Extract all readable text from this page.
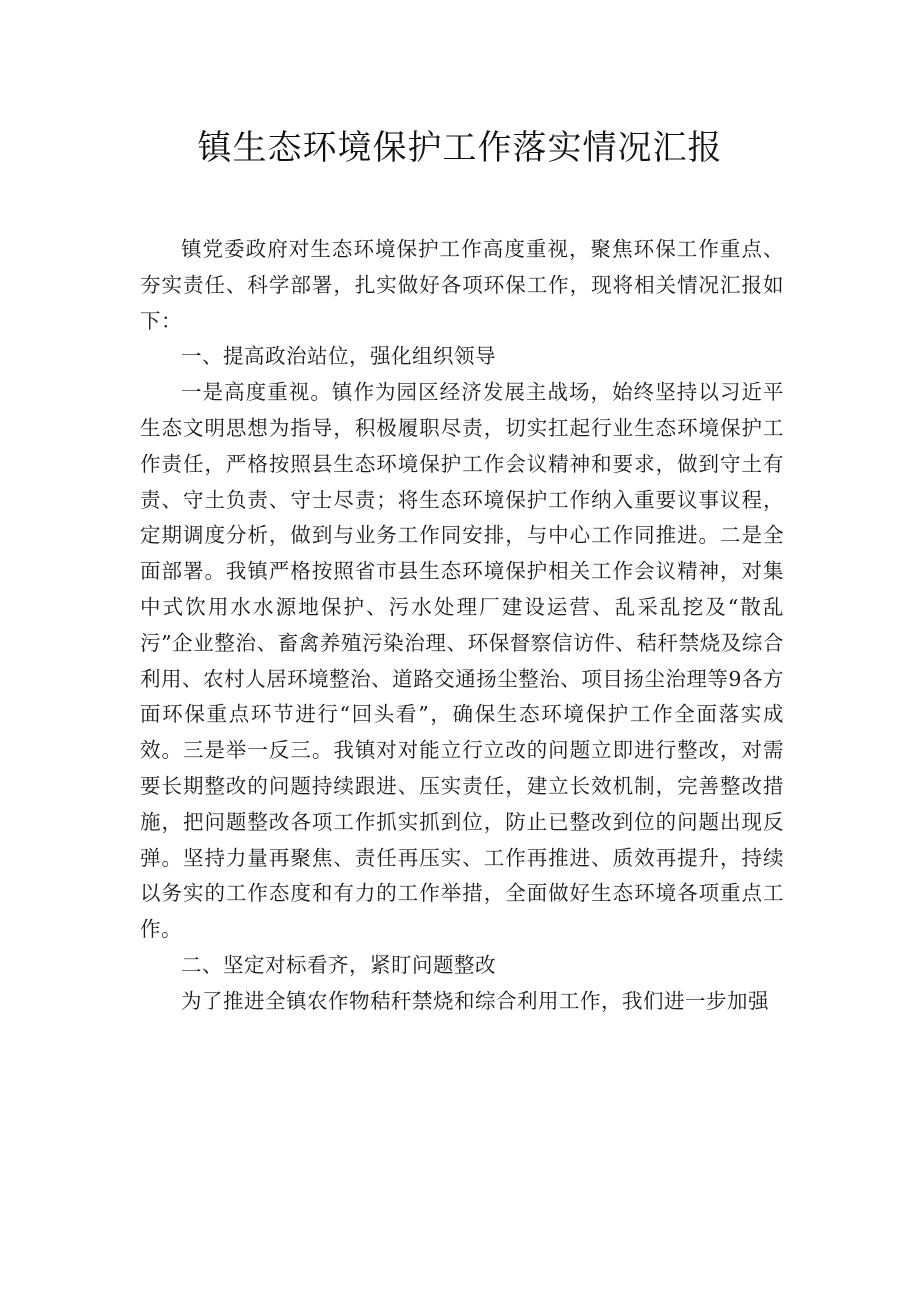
镇生态环境保护工作落实情况汇报

镇党委政府对生态环境保护工作高度重视，聚焦环保工作重点、夯实责任、科学部署，扎实做好各项环保工作，现将相关情况汇报如下：

一、提高政治站位，强化组织领导

一是高度重视。镇作为园区经济发展主战场，始终坚持以习近平生态文明思想为指导，积极履职尽责，切实扛起行业生态环境保护工作责任，严格按照县生态环境保护工作会议精神和要求，做到守土有责、守土负责、守士尽责；将生态环境保护工作纳入重要议事议程，定期调度分析，做到与业务工作同安排，与中心工作同推进。二是全面部署。我镇严格按照省市县生态环境保护相关工作会议精神，对集中式饮用水水源地保护、污水处理厂建设运营、乱采乱挖及“散乱污”企业整治、畜禽养殖污染治理、环保督察信访件、秸秆禁烧及综合利用、农村人居环境整治、道路交通扬尘整治、项目扬尘治理等9各方面环保重点环节进行“回头看”，确保生态环境保护工作全面落实成效。三是举一反三。我镇对对能立行立改的问题立即进行整改，对需要长期整改的问题持续跟进、压实责任，建立长效机制，完善整改措施，把问题整改各项工作抓实抓到位，防止已整改到位的问题出现反弹。坚持力量再聚焦、责任再压实、工作再推进、质效再提升，持续以务实的工作态度和有力的工作举措，全面做好生态环境各项重点工作。

二、坚定对标看齐，紧盯问题整改

为了推进全镇农作物秸秆禁烧和综合利用工作，我们进一步加强
